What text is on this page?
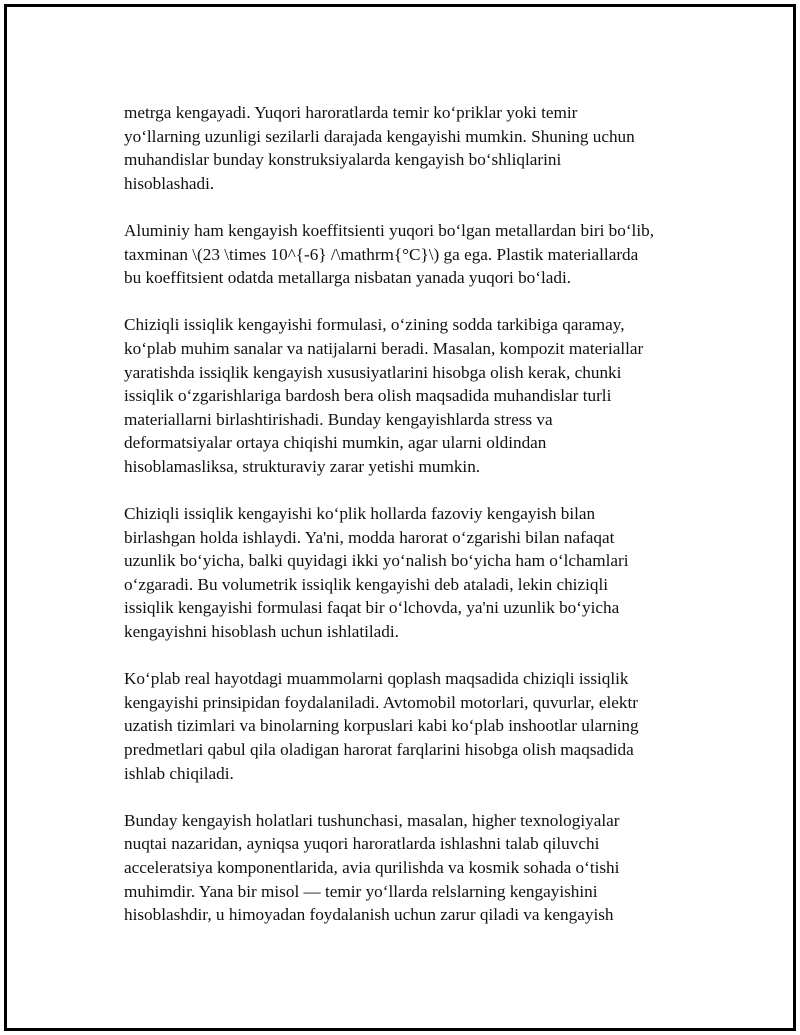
metrga kengayadi. Yuqori haroratlarda temir ko‘priklar yoki temir
yo‘llarning uzunligi sezilarli darajada kengayishi mumkin. Shuning uchun
muhandislar bunday konstruksiyalarda kengayish bo‘shliqlarini
hisoblashadi.

Aluminiy ham kengayish koeffitsienti yuqori bo‘lgan metallardan biri bo‘lib,
taxminan \(23 \times 10^{-6} /\mathrm{°C}\) ga ega. Plastik materiallarda
bu koeffitsient odatda metallarga nisbatan yanada yuqori bo‘ladi.

Chiziqli issiqlik kengayishi formulasi, o‘zining sodda tarkibiga qaramay,
ko‘plab muhim sanalar va natijalarni beradi. Masalan, kompozit materiallar
yaratishda issiqlik kengayish xususiyatlarini hisobga olish kerak, chunki
issiqlik o‘zgarishlariga bardosh bera olish maqsadida muhandislar turli
materiallarni birlashtirishadi. Bunday kengayishlarda stress va
deformatsiyalar ortaya chiqishi mumkin, agar ularni oldindan
hisoblamasliksa, strukturaviy zarar yetishi mumkin.

Chiziqli issiqlik kengayishi ko‘plik hollarda fazoviy kengayish bilan
birlashgan holda ishlaydi. Ya'ni, modda harorat o‘zgarishi bilan nafaqat
uzunlik bo‘yicha, balki quyidagi ikki yo‘nalish bo‘yicha ham o‘lchamlari
o‘zgaradi. Bu volumetrik issiqlik kengayishi deb ataladi, lekin chiziqli
issiqlik kengayishi formulasi faqat bir o‘lchovda, ya'ni uzunlik bo‘yicha
kengayishni hisoblash uchun ishlatiladi.

Ko‘plab real hayotdagi muammolarni qoplash maqsadida chiziqli issiqlik
kengayishi prinsipidan foydalaniladi. Avtomobil motorlari, quvurlar, elektr
uzatish tizimlari va binolarning korpuslari kabi ko‘plab inshootlar ularning
predmetlari qabul qila oladigan harorat farqlarini hisobga olish maqsadida
ishlab chiqiladi.

Bunday kengayish holatlari tushunchasi, masalan, higher texnologiyalar
nuqtai nazaridan, ayniqsa yuqori haroratlarda ishlashni talab qiluvchi
acceleratsiya komponentlarida, avia qurilishda va kosmik sohada o‘tishi
muhimdir. Yana bir misol — temir yo‘llarda relslarning kengayishini
hisoblashdir, u himoyadan foydalanish uchun zarur qiladi va kengayish
